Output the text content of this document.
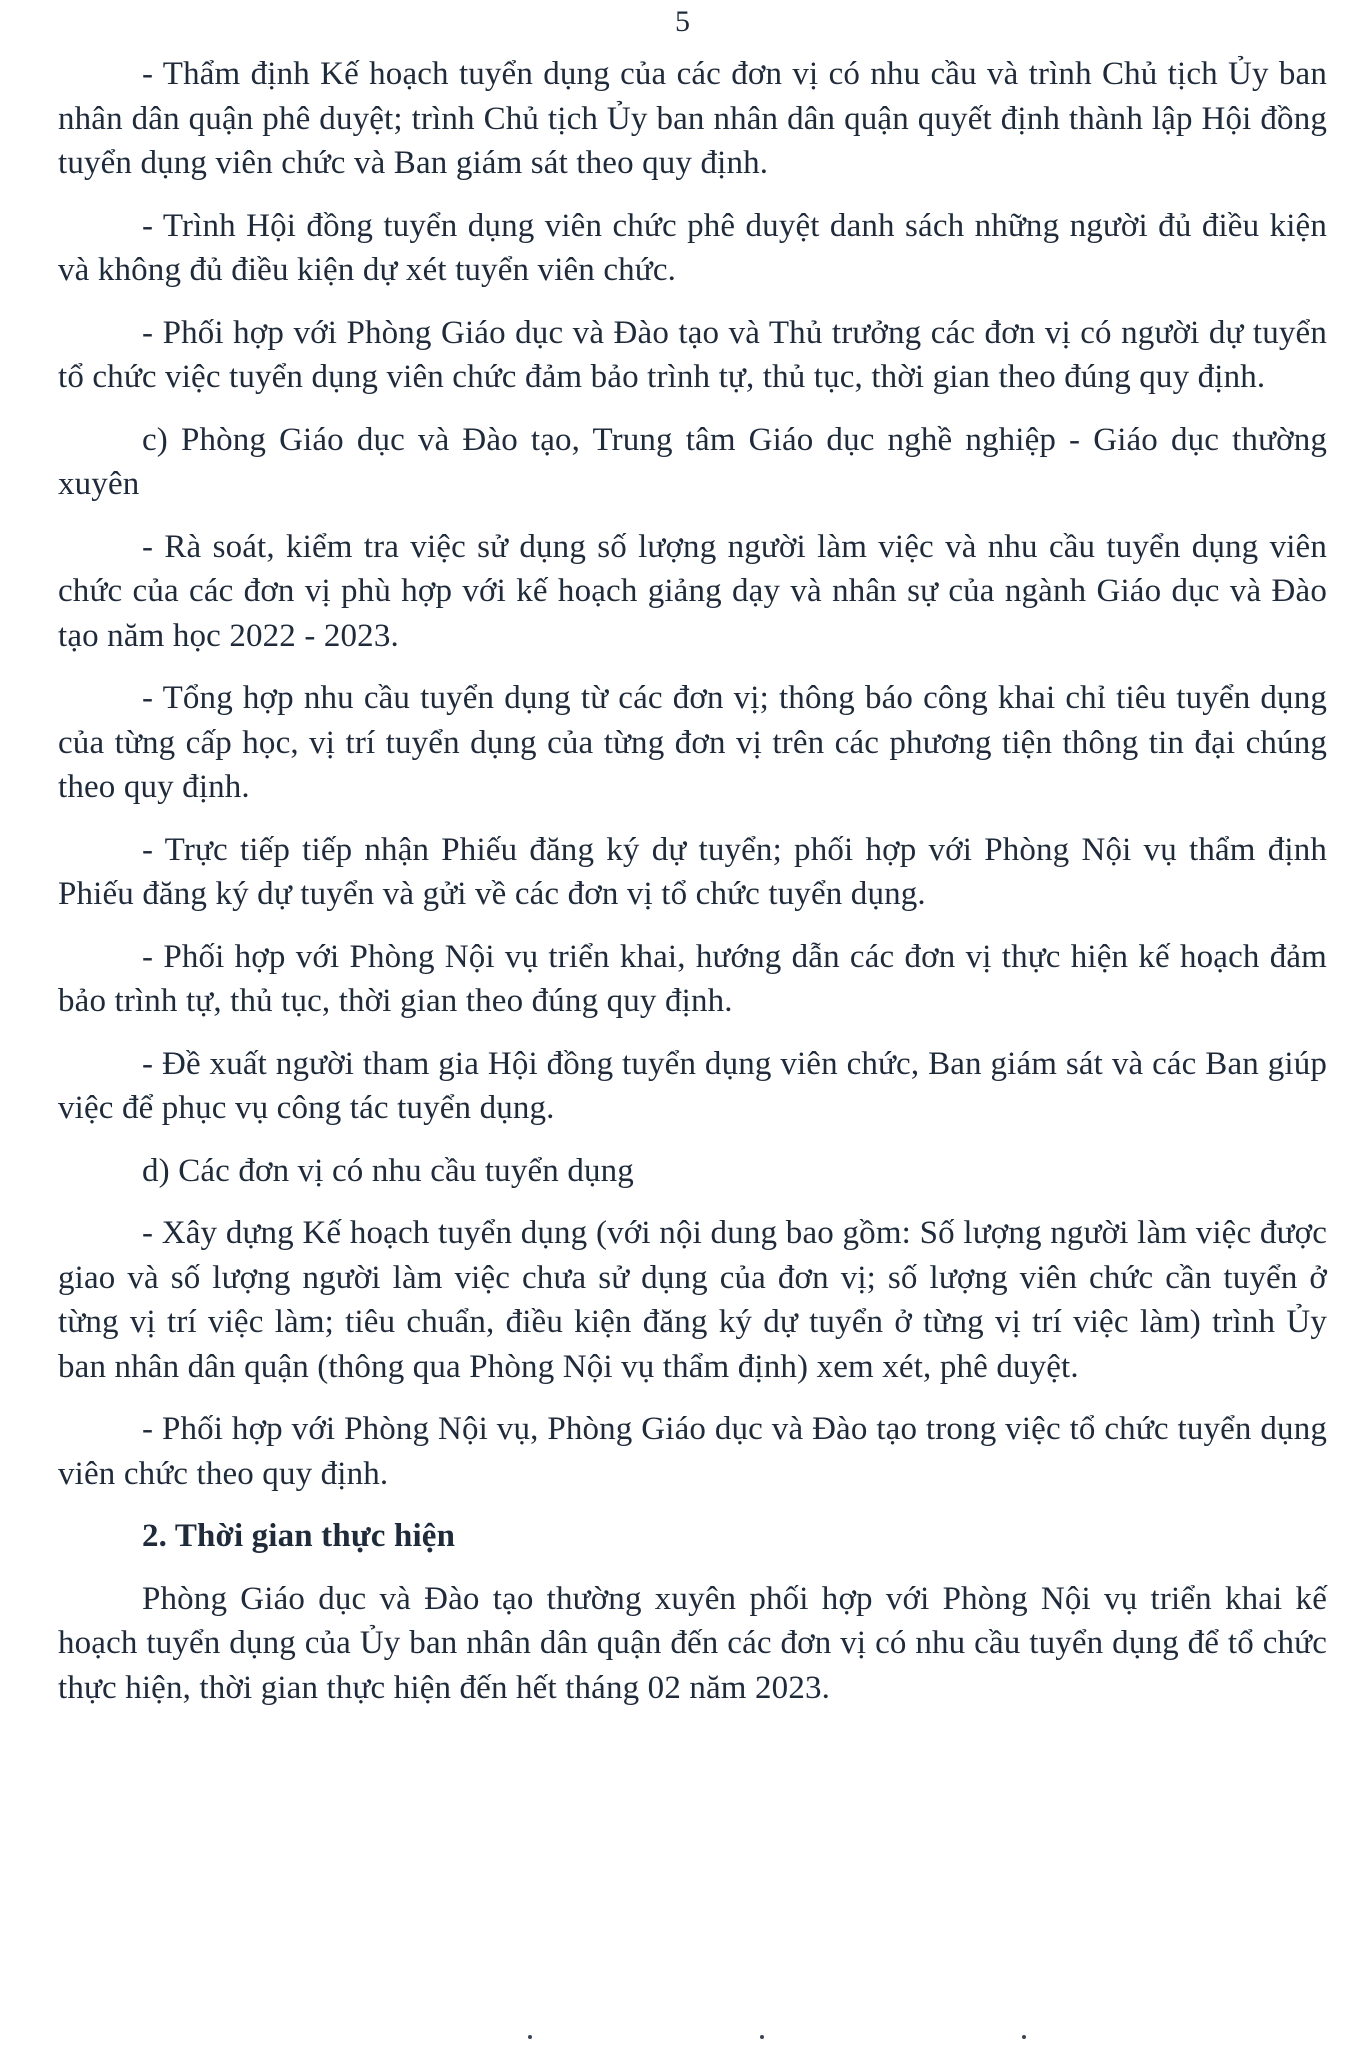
5

- Thẩm định Kế hoạch tuyển dụng của các đơn vị có nhu cầu và trình Chủ tịch Ủy ban nhân dân quận phê duyệt; trình Chủ tịch Ủy ban nhân dân quận quyết định thành lập Hội đồng tuyển dụng viên chức và Ban giám sát theo quy định.

- Trình Hội đồng tuyển dụng viên chức phê duyệt danh sách những người đủ điều kiện và không đủ điều kiện dự xét tuyển viên chức.

- Phối hợp với Phòng Giáo dục và Đào tạo và Thủ trưởng các đơn vị có người dự tuyển tổ chức việc tuyển dụng viên chức đảm bảo trình tự, thủ tục, thời gian theo đúng quy định.

c) Phòng Giáo dục và Đào tạo, Trung tâm Giáo dục nghề nghiệp - Giáo dục thường xuyên

- Rà soát, kiểm tra việc sử dụng số lượng người làm việc và nhu cầu tuyển dụng viên chức của các đơn vị phù hợp với kế hoạch giảng dạy và nhân sự của ngành Giáo dục và Đào tạo năm học 2022 - 2023.

- Tổng hợp nhu cầu tuyển dụng từ các đơn vị; thông báo công khai chỉ tiêu tuyển dụng của từng cấp học, vị trí tuyển dụng của từng đơn vị trên các phương tiện thông tin đại chúng theo quy định.

- Trực tiếp tiếp nhận Phiếu đăng ký dự tuyển; phối hợp với Phòng Nội vụ thẩm định Phiếu đăng ký dự tuyển và gửi về các đơn vị tổ chức tuyển dụng.

- Phối hợp với Phòng Nội vụ triển khai, hướng dẫn các đơn vị thực hiện kế hoạch đảm bảo trình tự, thủ tục, thời gian theo đúng quy định.

- Đề xuất người tham gia Hội đồng tuyển dụng viên chức, Ban giám sát và các Ban giúp việc để phục vụ công tác tuyển dụng.

d) Các đơn vị có nhu cầu tuyển dụng

- Xây dựng Kế hoạch tuyển dụng (với nội dung bao gồm: Số lượng người làm việc được giao và số lượng người làm việc chưa sử dụng của đơn vị; số lượng viên chức cần tuyển ở từng vị trí việc làm; tiêu chuẩn, điều kiện đăng ký dự tuyển ở từng vị trí việc làm) trình Ủy ban nhân dân quận (thông qua Phòng Nội vụ thẩm định) xem xét, phê duyệt.

- Phối hợp với Phòng Nội vụ, Phòng Giáo dục và Đào tạo trong việc tổ chức tuyển dụng viên chức theo quy định.

2. Thời gian thực hiện

Phòng Giáo dục và Đào tạo thường xuyên phối hợp với Phòng Nội vụ triển khai kế hoạch tuyển dụng của Ủy ban nhân dân quận đến các đơn vị có nhu cầu tuyển dụng để tổ chức thực hiện, thời gian thực hiện đến hết tháng 02 năm 2023.
